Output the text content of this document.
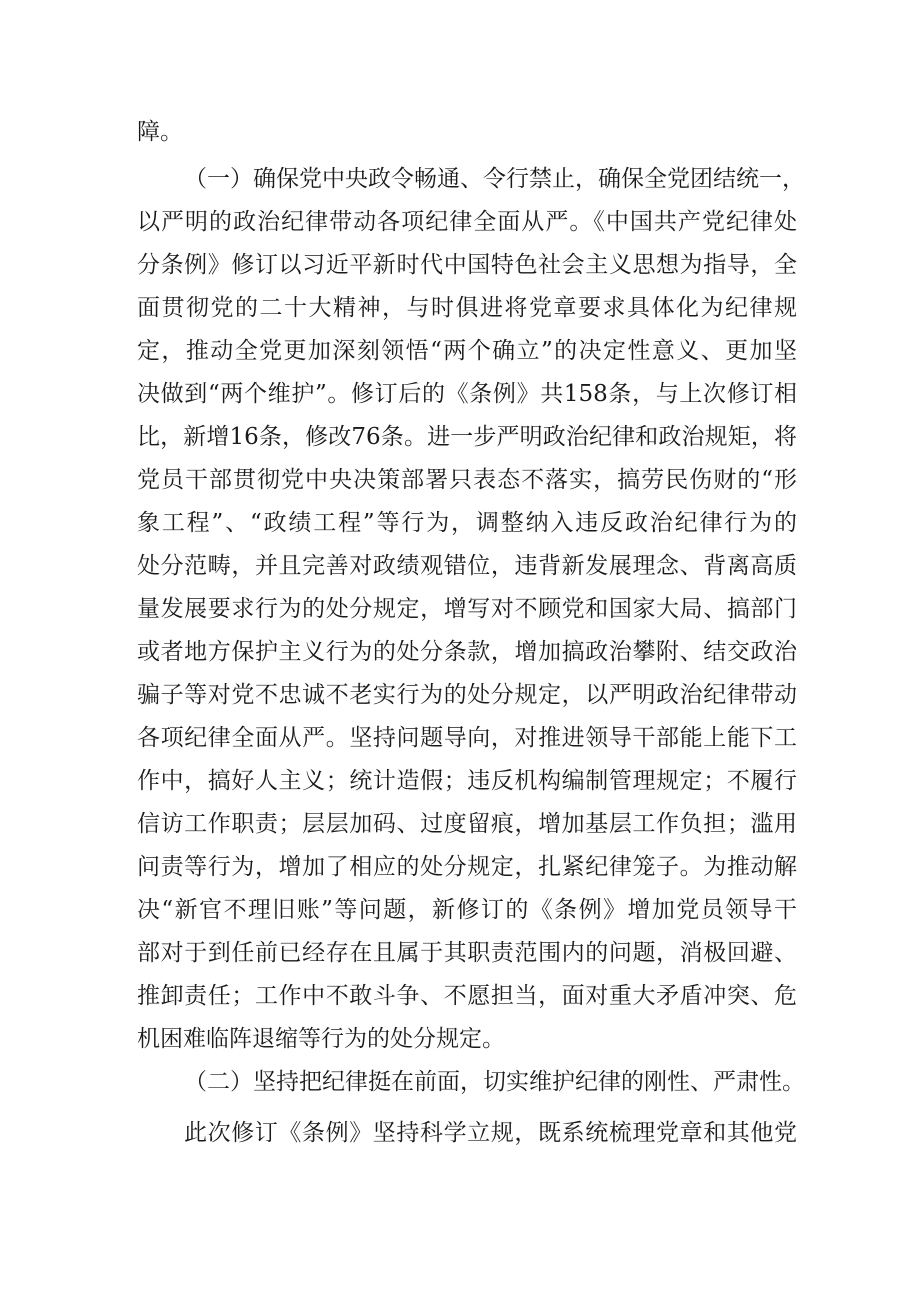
障。
（一）确保党中央政令畅通、令行禁止，确保全党团结统一，
以严明的政治纪律带动各项纪律全面从严。《中国共产党纪律处
分条例》修订以习近平新时代中国特色社会主义思想为指导，全
面贯彻党的二十大精神，与时俱进将党章要求具体化为纪律规
定，推动全党更加深刻领悟“两个确立”的决定性意义、更加坚
决做到“两个维护”。修订后的《条例》共158条，与上次修订相
比，新增16条，修改76条。进一步严明政治纪律和政治规矩，将
党员干部贯彻党中央决策部署只表态不落实，搞劳民伤财的“形
象工程”、“政绩工程”等行为，调整纳入违反政治纪律行为的
处分范畴，并且完善对政绩观错位，违背新发展理念、背离高质
量发展要求行为的处分规定，增写对不顾党和国家大局、搞部门
或者地方保护主义行为的处分条款，增加搞政治攀附、结交政治
骗子等对党不忠诚不老实行为的处分规定，以严明政治纪律带动
各项纪律全面从严。坚持问题导向，对推进领导干部能上能下工
作中，搞好人主义；统计造假；违反机构编制管理规定；不履行
信访工作职责；层层加码、过度留痕，增加基层工作负担；滥用
问责等行为，增加了相应的处分规定，扎紧纪律笼子。为推动解
决“新官不理旧账”等问题，新修订的《条例》增加党员领导干
部对于到任前已经存在且属于其职责范围内的问题，消极回避、
推卸责任；工作中不敢斗争、不愿担当，面对重大矛盾冲突、危
机困难临阵退缩等行为的处分规定。
（二）坚持把纪律挺在前面，切实维护纪律的刚性、严肃性。
此次修订《条例》坚持科学立规，既系统梳理党章和其他党
